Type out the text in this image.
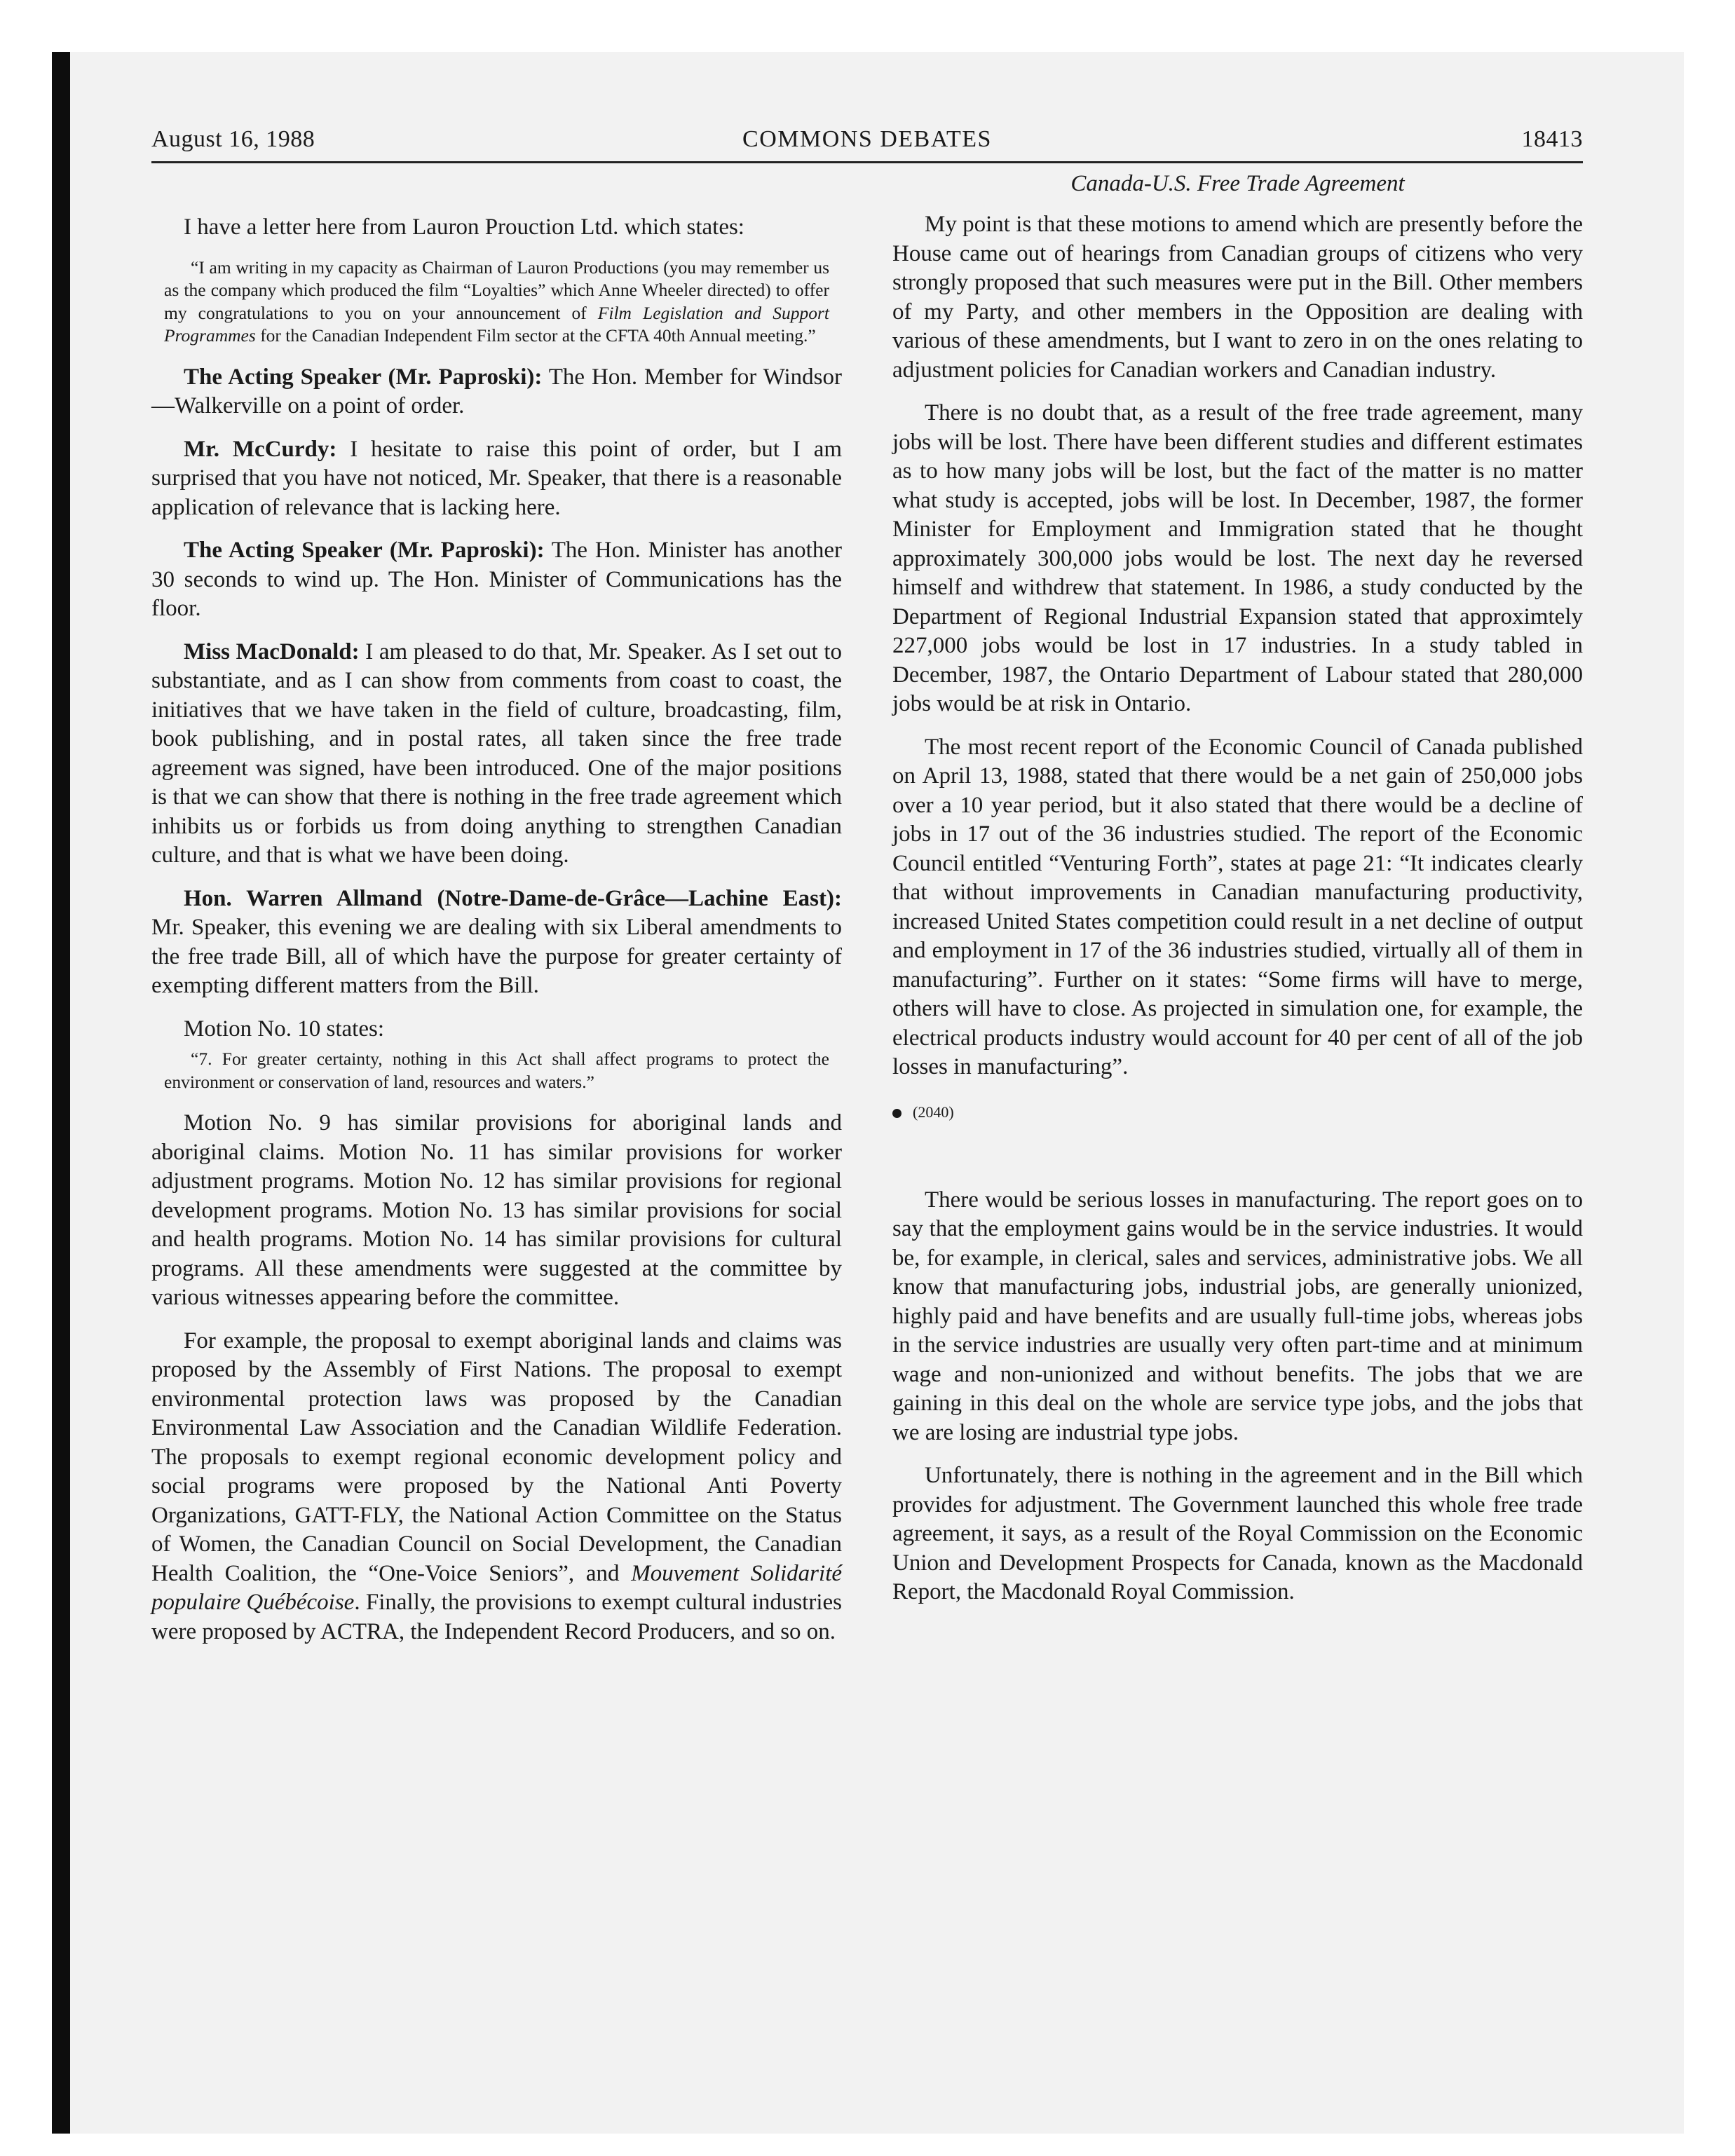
August 16, 1988	COMMONS DEBATES	18413

I have a letter here from Lauron Prouction Ltd. which states:

“I am writing in my capacity as Chairman of Lauron Productions (you may remember us as the company which produced the film “Loyalties” which Anne Wheeler directed) to offer my congratulations to you on your announcement of Film Legislation and Support Programmes for the Canadian Independent Film sector at the CFTA 40th Annual meeting.”

The Acting Speaker (Mr. Paproski): The Hon. Member for Windsor—Walkerville on a point of order.

Mr. McCurdy: I hesitate to raise this point of order, but I am surprised that you have not noticed, Mr. Speaker, that there is a reasonable application of relevance that is lacking here.

The Acting Speaker (Mr. Paproski): The Hon. Minister has another 30 seconds to wind up. The Hon. Minister of Communications has the floor.

Miss MacDonald: I am pleased to do that, Mr. Speaker. As I set out to substantiate, and as I can show from comments from coast to coast, the initiatives that we have taken in the field of culture, broadcasting, film, book publishing, and in postal rates, all taken since the free trade agreement was signed, have been introduced. One of the major positions is that we can show that there is nothing in the free trade agreement which inhibits us or forbids us from doing anything to strengthen Canadian culture, and that is what we have been doing.

Hon. Warren Allmand (Notre-Dame-de-Grâce—Lachine East): Mr. Speaker, this evening we are dealing with six Liberal amendments to the free trade Bill, all of which have the purpose for greater certainty of exempting different matters from the Bill.

Motion No. 10 states:

“7. For greater certainty, nothing in this Act shall affect programs to protect the environment or conservation of land, resources and waters.”

Motion No. 9 has similar provisions for aboriginal lands and aboriginal claims. Motion No. 11 has similar provisions for worker adjustment programs. Motion No. 12 has similar provisions for regional development programs. Motion No. 13 has similar provisions for social and health programs. Motion No. 14 has similar provisions for cultural programs. All these amendments were suggested at the committee by various witnesses appearing before the committee.

For example, the proposal to exempt aboriginal lands and claims was proposed by the Assembly of First Nations. The proposal to exempt environmental protection laws was proposed by the Canadian Environmental Law Association and the Canadian Wildlife Federation. The proposals to exempt regional economic development policy and social programs were proposed by the National Anti Poverty Organizations, GATT-FLY, the National Action Committee on the Status of Women, the Canadian Council on Social Development, the Canadian Health Coalition, the “One-Voice Seniors”, and Mouvement Solidarité populaire Québécoise. Finally, the provisions to exempt cultural industries were proposed by ACTRA, the Independent Record Producers, and so on.

Canada-U.S. Free Trade Agreement

My point is that these motions to amend which are presently before the House came out of hearings from Canadian groups of citizens who very strongly proposed that such measures were put in the Bill. Other members of my Party, and other members in the Opposition are dealing with various of these amendments, but I want to zero in on the ones relating to adjustment policies for Canadian workers and Canadian industry.

There is no doubt that, as a result of the free trade agreement, many jobs will be lost. There have been different studies and different estimates as to how many jobs will be lost, but the fact of the matter is no matter what study is accepted, jobs will be lost. In December, 1987, the former Minister for Employment and Immigration stated that he thought approximately 300,000 jobs would be lost. The next day he reversed himself and withdrew that statement. In 1986, a study conducted by the Department of Regional Industrial Expansion stated that approximtely 227,000 jobs would be lost in 17 industries. In a study tabled in December, 1987, the Ontario Department of Labour stated that 280,000 jobs would be at risk in Ontario.

The most recent report of the Economic Council of Canada published on April 13, 1988, stated that there would be a net gain of 250,000 jobs over a 10 year period, but it also stated that there would be a decline of jobs in 17 out of the 36 industries studied. The report of the Economic Council entitled “Venturing Forth”, states at page 21: “It indicates clearly that without improvements in Canadian manufacturing productivity, increased United States competition could result in a net decline of output and employment in 17 of the 36 industries studied, virtually all of them in manufacturing”. Further on it states: “Some firms will have to merge, others will have to close. As projected in simulation one, for example, the electrical products industry would account for 40 per cent of all of the job losses in manufacturing”.

(2040)

There would be serious losses in manufacturing. The report goes on to say that the employment gains would be in the service industries. It would be, for example, in clerical, sales and services, administrative jobs. We all know that manufacturing jobs, industrial jobs, are generally unionized, highly paid and have benefits and are usually full-time jobs, whereas jobs in the service industries are usually very often part-time and at minimum wage and non-unionized and without benefits. The jobs that we are gaining in this deal on the whole are service type jobs, and the jobs that we are losing are industrial type jobs.

Unfortunately, there is nothing in the agreement and in the Bill which provides for adjustment. The Government launched this whole free trade agreement, it says, as a result of the Royal Commission on the Economic Union and Development Prospects for Canada, known as the Macdonald Report, the Macdonald Royal Commission.
